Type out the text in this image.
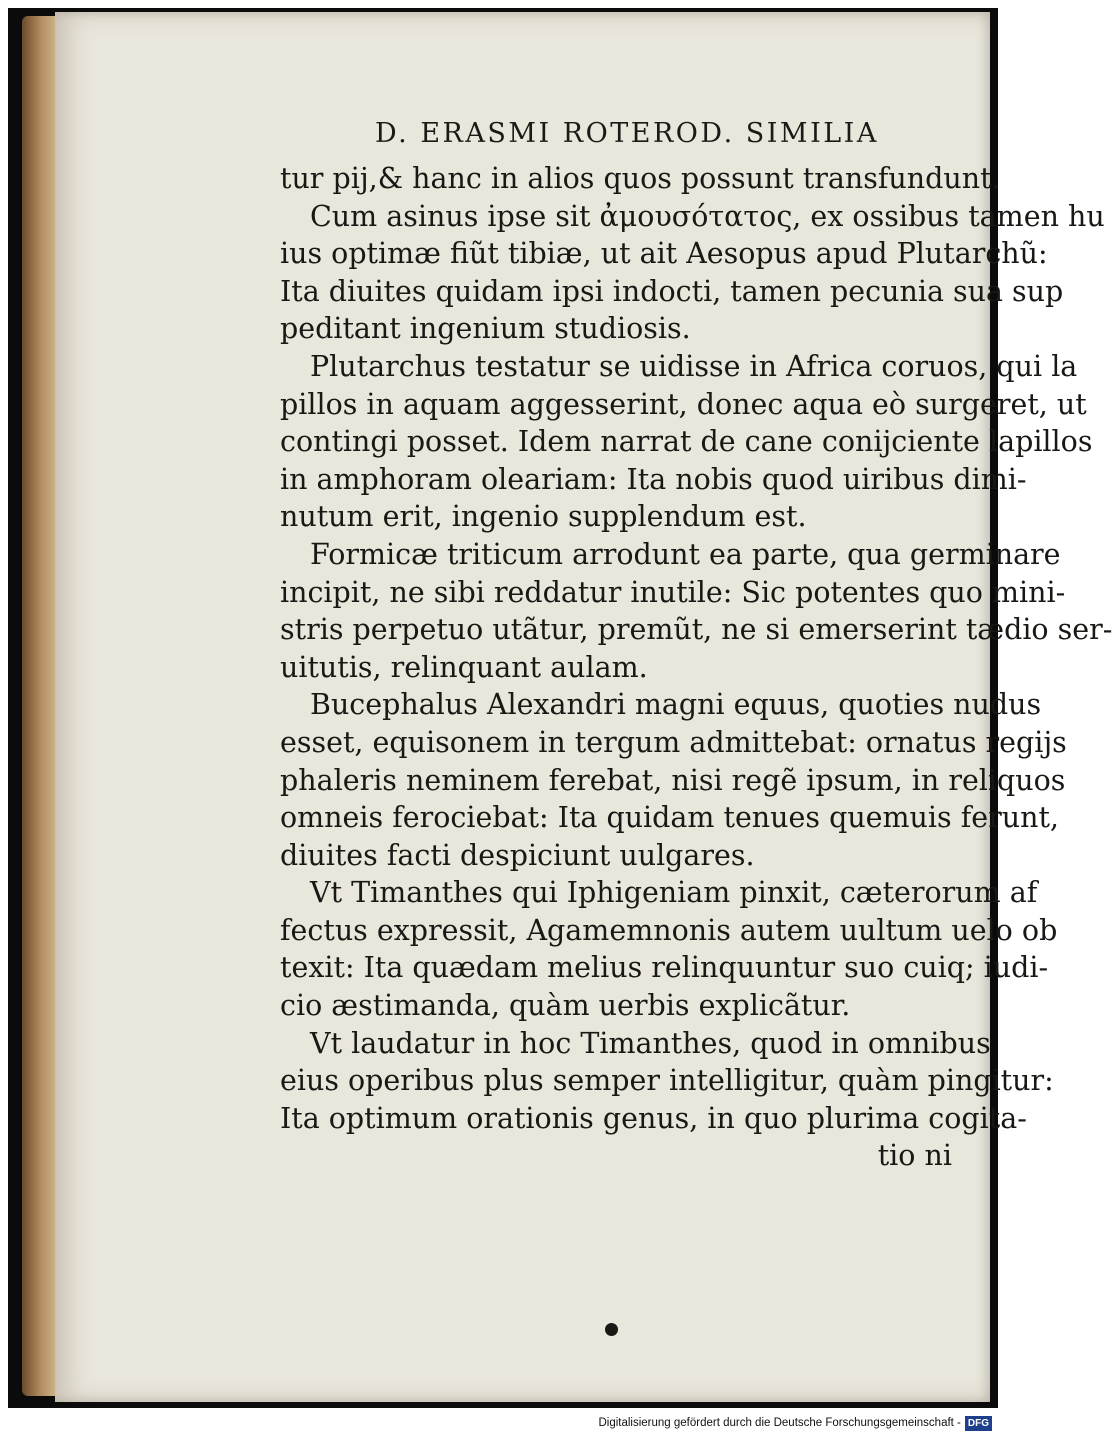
D. ERASMI ROTEROD. SIMILIA
tur pij,& hanc in alios quos possunt transfundunt.
Cum asinus ipse sit ἀμουσότατος, ex ossibus tamen hu
ius optimæ fiũt tibiæ, ut ait Aesopus apud Plutarchũ:
Ita diuites quidam ipsi indocti, tamen pecunia sua sup
peditant ingenium studiosis.
Plutarchus testatur se uidisse in Africa coruos, qui la
pillos in aquam aggesserint, donec aqua eò surgeret, ut
contingi posset. Idem narrat de cane conijciente lapillos
in amphoram oleariam: Ita nobis quod uiribus dimi-
nutum erit, ingenio supplendum est.
Formicæ triticum arrodunt ea parte, qua germinare
incipit, ne sibi reddatur inutile: Sic potentes quo mini-
stris perpetuo utãtur, premũt, ne si emerserint tædio ser-
uitutis, relinquant aulam.
Bucephalus Alexandri magni equus, quoties nudus
esset, equisonem in tergum admittebat: ornatus regijs
phaleris neminem ferebat, nisi regẽ ipsum, in reliquos
omneis ferociebat: Ita quidam tenues quemuis ferunt,
diuites facti despiciunt uulgares.
Vt Timanthes qui Iphigeniam pinxit, cæterorum af
fectus expressit, Agamemnonis autem uultum uelo ob
texit: Ita quædam melius relinquuntur suo cuiq; iudi-
cio æstimanda, quàm uerbis explicãtur.
Vt laudatur in hoc Timanthes, quod in omnibus
eius operibus plus semper intelligitur, quàm pingitur:
Ita optimum orationis genus, in quo plurima cogita-
tio ni
Digitalisierung gefördert durch die Deutsche Forschungsgemeinschaft - DFG
